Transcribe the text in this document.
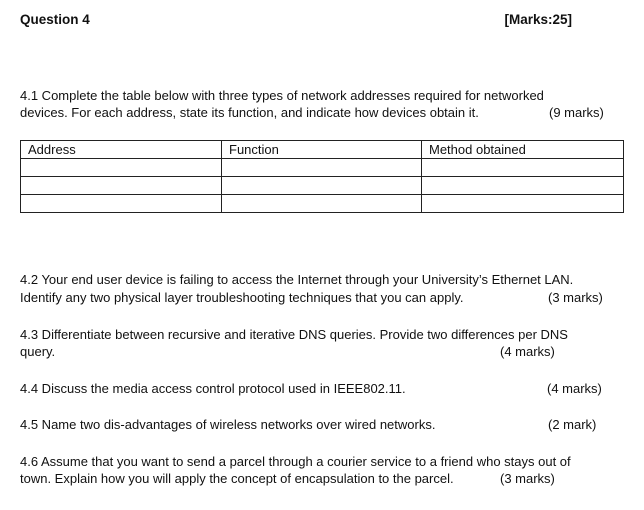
Question 4	[Marks:25]
4.1 Complete the table below with three types of network addresses required for networked
devices. For each address, state its function, and indicate how devices obtain it.	(9 marks)
Address	Function	Method obtained

4.2 Your end user device is failing to access the Internet through your University’s Ethernet LAN.
Identify any two physical layer troubleshooting techniques that you can apply.	(3 marks)
4.3 Differentiate between recursive and iterative DNS queries. Provide two differences per DNS
query.	(4 marks)
4.4 Discuss the media access control protocol used in IEEE802.11.	(4 marks)
4.5 Name two dis-advantages of wireless networks over wired networks.	(2 mark)
4.6 Assume that you want to send a parcel through a courier service to a friend who stays out of
town. Explain how you will apply the concept of encapsulation to the parcel.	(3 marks)
